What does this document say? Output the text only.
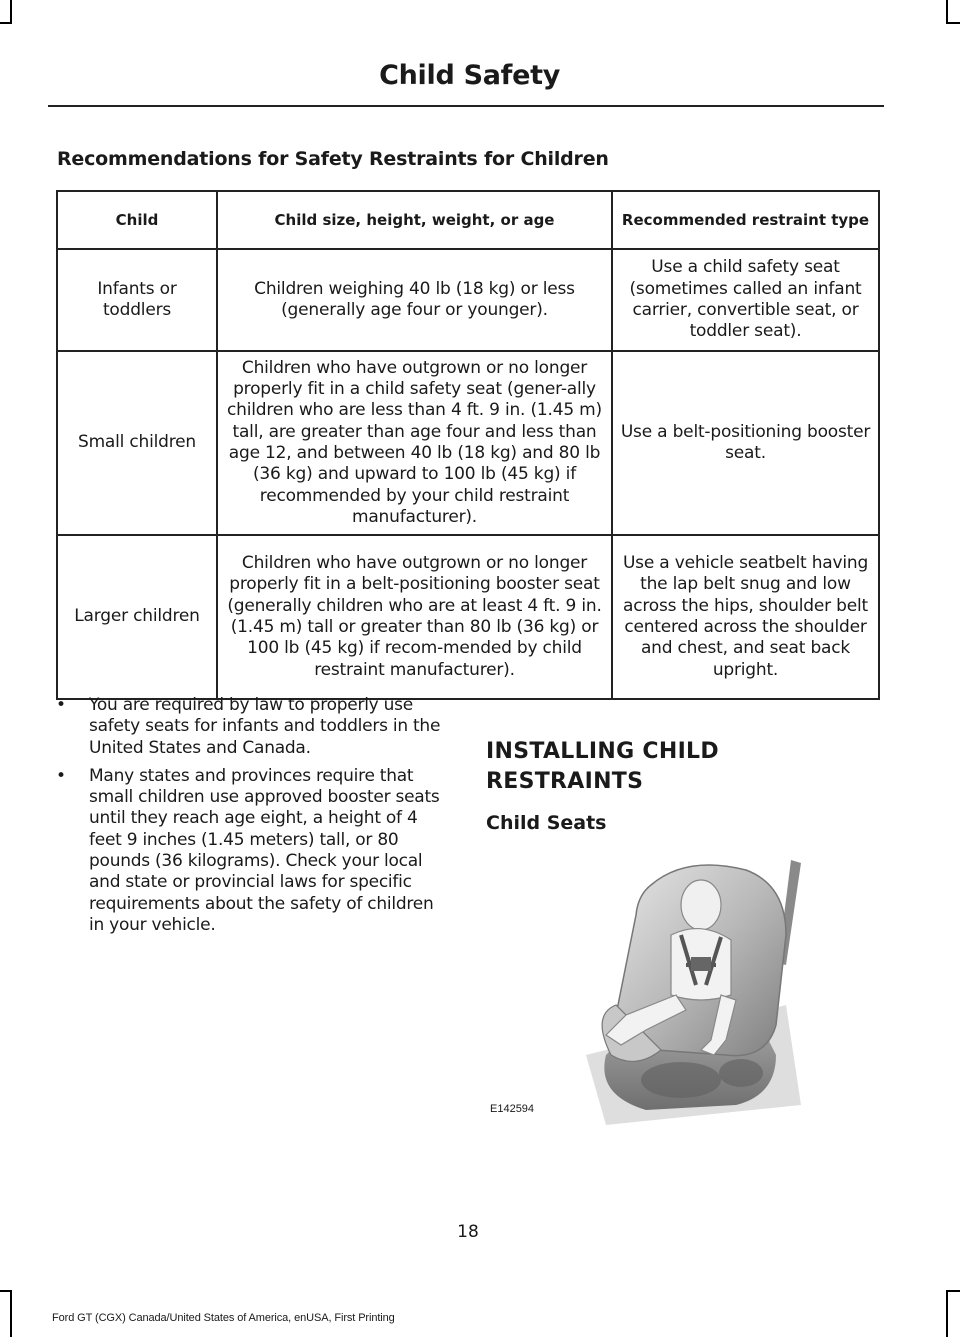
Child Safety
Recommendations for Safety Restraints for Children
Child	Child size, height, weight, or age	Recommended restraint type
Infants or toddlers	Children weighing 40 lb (18 kg) or less (generally age four or younger).	Use a child safety seat (sometimes called an infant carrier, convertible seat, or toddler seat).
Small children	Children who have outgrown or no longer properly fit in a child safety seat (gener-ally children who are less than 4 ft. 9 in. (1.45 m) tall, are greater than age four and less than age 12, and between 40 lb (18 kg) and 80 lb (36 kg) and upward to 100 lb (45 kg) if recommended by your child restraint manufacturer).	Use a belt-positioning booster seat.
Larger children	Children who have outgrown or no longer properly fit in a belt-positioning booster seat (generally children who are at least 4 ft. 9 in. (1.45 m) tall or greater than 80 lb (36 kg) or 100 lb (45 kg) if recom-mended by child restraint manufacturer).	Use a vehicle seatbelt having the lap belt snug and low across the hips, shoulder belt centered across the shoulder and chest, and seat back upright.
• You are required by law to properly use safety seats for infants and toddlers in the United States and Canada.
• Many states and provinces require that small children use approved booster seats until they reach age eight, a height of 4 feet 9 inches (1.45 meters) tall, or 80 pounds (36 kilograms). Check your local and state or provincial laws for specific requirements about the safety of children in your vehicle.
INSTALLING CHILD RESTRAINTS
Child Seats
E142594
18
Ford GT (CGX) Canada/United States of America, enUSA, First Printing
